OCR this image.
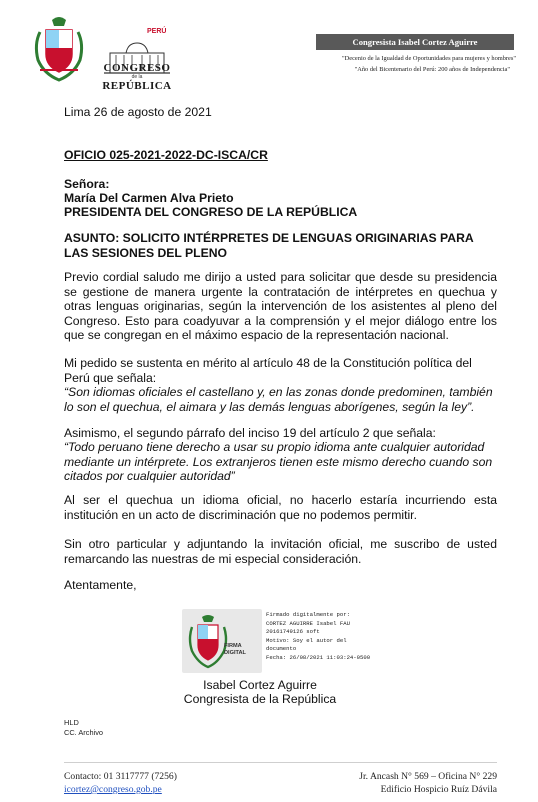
PERÚ
CONGRESO
de la
REPÚBLICA
Congresista Isabel Cortez Aguirre
"Decenio de la Igualdad de Oportunidades para mujeres y hombres"
"Año del Bicentenario del Perú: 200 años de Independencia"
Lima 26 de agosto de 2021
OFICIO 025-2021-2022-DC-ISCA/CR
Señora:
María Del Carmen Alva Prieto
PRESIDENTA DEL CONGRESO DE LA REPÚBLICA
ASUNTO: SOLICITO INTÉRPRETES DE LENGUAS ORIGINARIAS PARA LAS SESIONES DEL PLENO
Previo cordial saludo me dirijo a usted para solicitar que desde su presidencia se gestione de manera urgente la contratación de intérpretes en quechua y otras lenguas originarias, según la intervención de los asistentes al pleno del Congreso. Esto para coadyuvar a la comprensión y el mejor diálogo entre los que se congregan en el máximo espacio de la representación nacional.
Mi pedido se sustenta en mérito al artículo 48 de la Constitución política del Perú que señala:
“Son idiomas oficiales el castellano y, en las zonas donde predominen, también lo son el quechua, el aimara y las demás lenguas aborígenes, según la ley”.
Asimismo, el segundo párrafo del inciso 19 del artículo 2 que señala:
“Todo peruano tiene derecho a usar su propio idioma ante cualquier autoridad mediante un intérprete. Los extranjeros tienen este mismo derecho cuando son citados por cualquier autoridad”
Al ser el quechua un idioma oficial, no hacerlo estaría incurriendo esta institución en un acto de discriminación que no podemos permitir.
Sin otro particular y adjuntando la invitación oficial, me suscribo de usted remarcando las nuestras de mi especial consideración.
Atentamente,
FIRMA
DIGITAL
Firmado digitalmente por:
CORTEZ AGUIRRE Isabel FAU
20161749126 soft
Motivo: Soy el autor del
documento
Fecha: 26/08/2021 11:03:24-0500
Isabel Cortez Aguirre
Congresista de la República
HLD
CC. Archivo
Contacto: 01 3117777 (7256)
icortez@congreso.gob.pe
Jr. Ancash N° 569 – Oficina N° 229
Edificio Hospicio Ruíz Dávila
